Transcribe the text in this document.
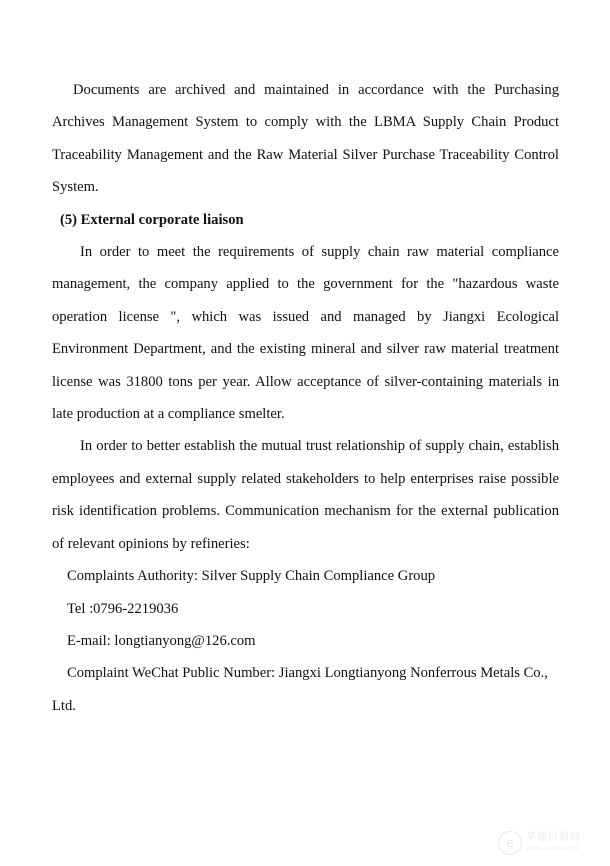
Documents are archived and maintained in accordance with the Purchasing Archives Management System to comply with the LBMA Supply Chain Product Traceability Management and the Raw Material Silver Purchase Traceability Control System.

(5) External corporate liaison

In order to meet the requirements of supply chain raw material compliance management, the company applied to the government for the "hazardous waste operation license ", which was issued and managed by Jiangxi Ecological Environment Department, and the existing mineral and silver raw material treatment license was 31800 tons per year. Allow acceptance of silver-containing materials in late production at a compliance smelter.

In order to better establish the mutual trust relationship of supply chain, establish employees and external supply related stakeholders to help enterprises raise possible risk identification problems. Communication mechanism for the external publication of relevant opinions by refineries:

Complaints Authority: Silver Supply Chain Compliance Group

Tel :0796-2219036

E-mail: longtianyong@126.com

Complaint WeChat Public Number: Jiangxi Longtianyong Nonferrous Metals Co., Ltd.

e	华通白银网
www.ocsilver.com
